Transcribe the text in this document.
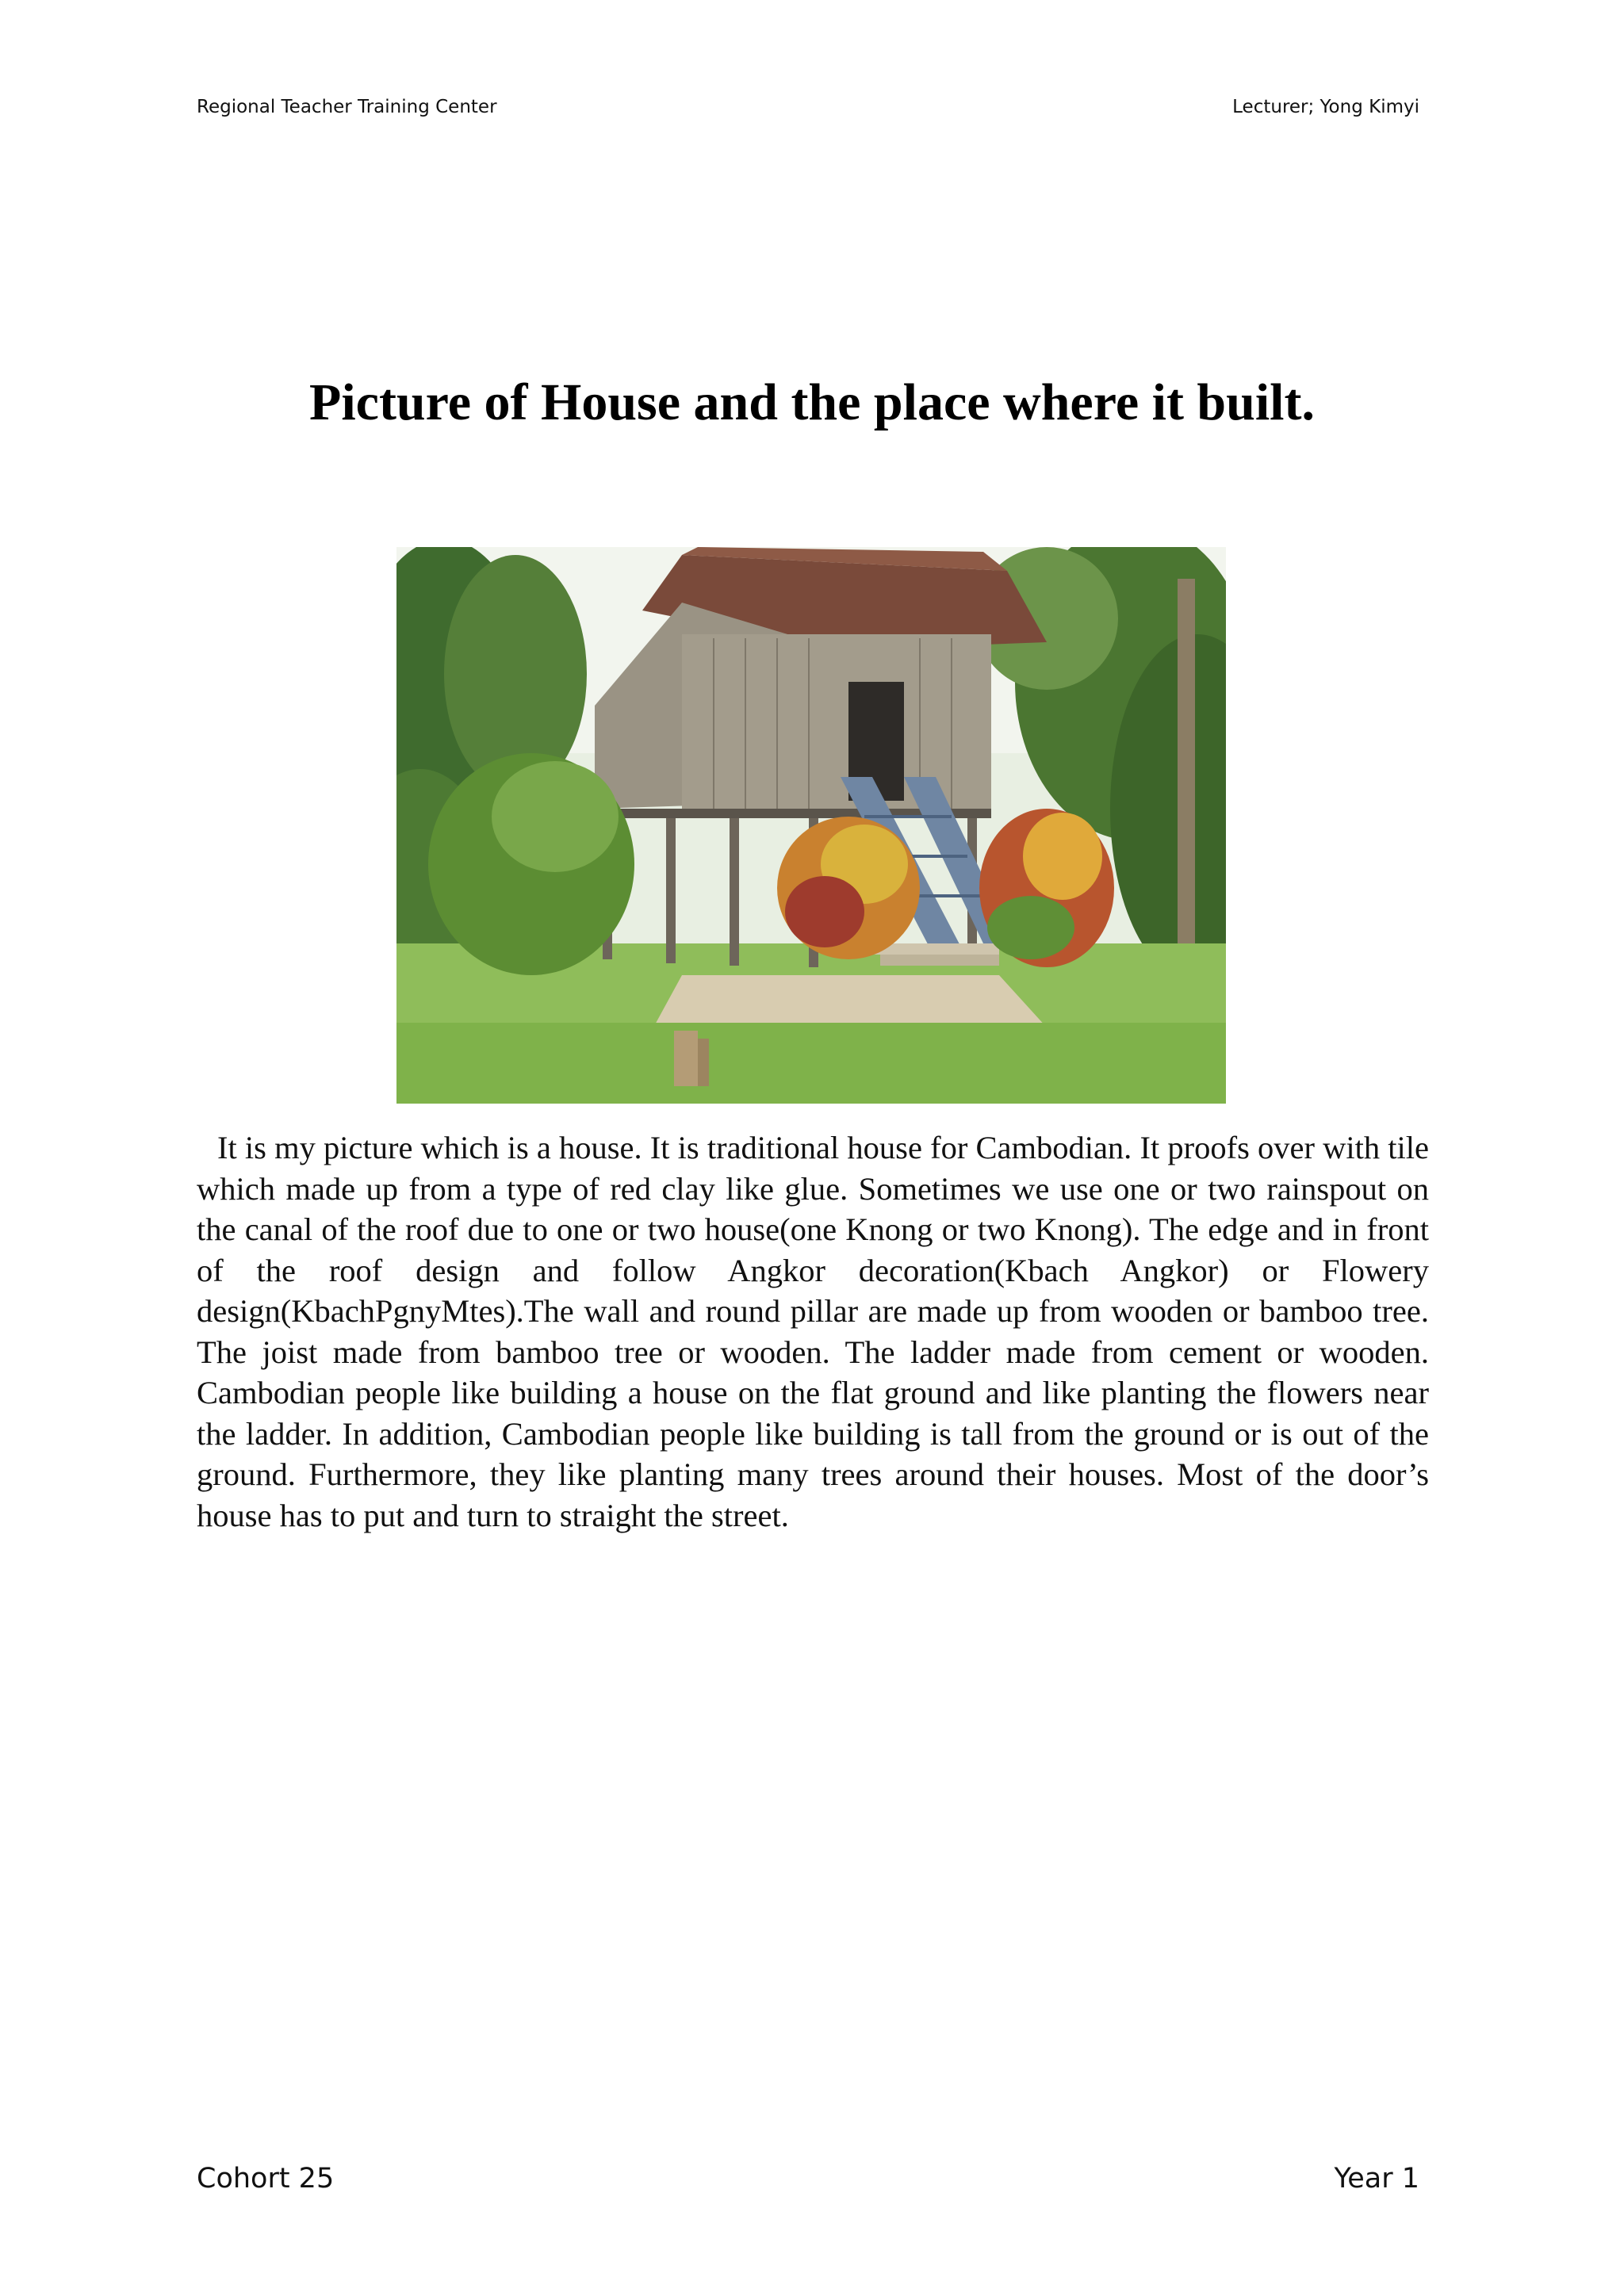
Regional Teacher Training Center	Lecturer; Yong Kimyi
Picture of House and the place where it built.

It is my picture which is a house. It is traditional house for Cambodian. It proofs over with tile which made up from a type of red clay like glue. Sometimes we use one or two rainspout on the canal of the roof due to one or two house(one Knong or two Knong). The edge and in front of the roof design and follow Angkor decoration(Kbach Angkor) or Flowery design(KbachPgnyMtes).The wall and round pillar are made up from wooden or bamboo tree. The joist made from bamboo tree or wooden. The ladder made from cement or wooden. Cambodian people like building a house on the flat ground and like planting the flowers near the ladder. In addition, Cambodian people like building is tall from the ground or is out of the ground. Furthermore, they like planting many trees around their houses. Most of the door’s house has to put and turn to straight the street.

Cohort 25	Year 1
